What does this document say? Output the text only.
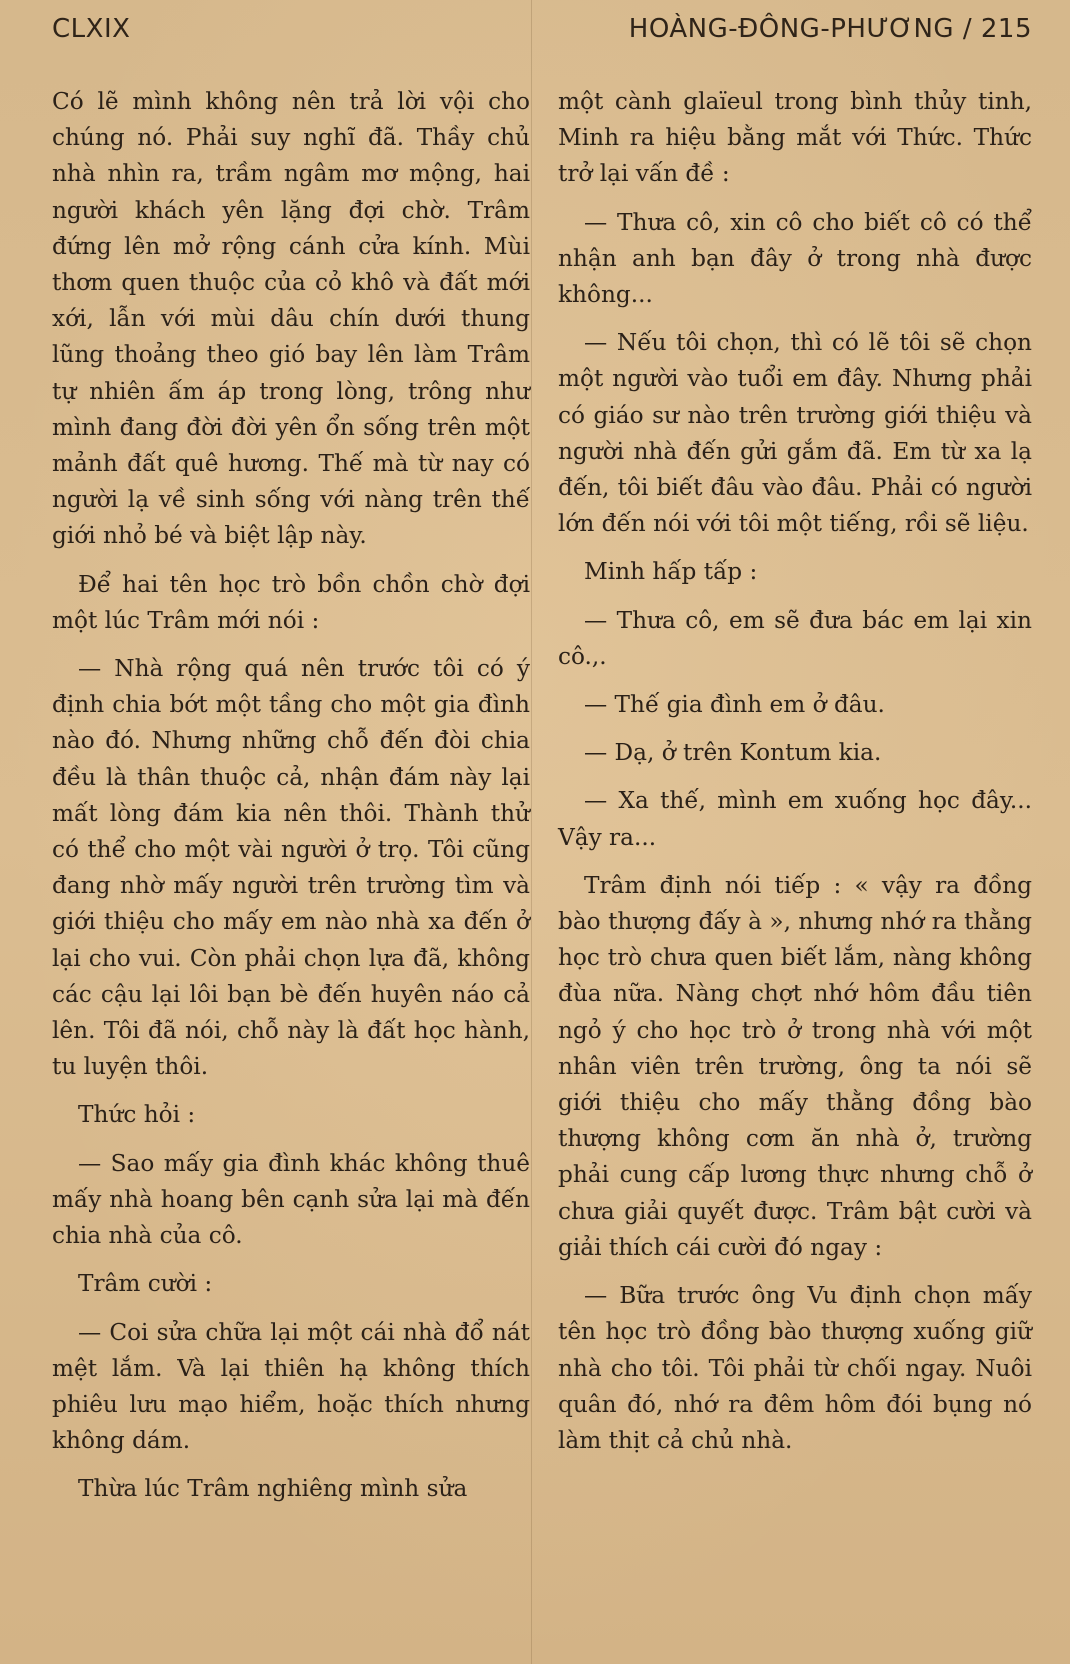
CLXIX	HOÀNG-ĐÔNG-PHƯƠNG / 215

Có lẽ mình không nên trả lời vội cho chúng nó. Phải suy nghĩ đã. Thầy chủ nhà nhìn ra, trầm ngâm mơ mộng, hai người khách yên lặng đợi chờ. Trâm đứng lên mở rộng cánh cửa kính. Mùi thơm quen thuộc của cỏ khô và đất mới xới, lẫn với mùi dâu chín dưới thung lũng thoảng theo gió bay lên làm Trâm tự nhiên ấm áp trong lòng, trông như mình đang đời đời yên ổn sống trên một mảnh đất quê hương. Thế mà từ nay có người lạ về sinh sống với nàng trên thế giới nhỏ bé và biệt lập này.

Để hai tên học trò bồn chồn chờ đợi một lúc Trâm mới nói :

— Nhà rộng quá nên trước tôi có ý định chia bớt một tầng cho một gia đình nào đó. Nhưng những chỗ đến đòi chia đều là thân thuộc cả, nhận đám này lại mất lòng đám kia nên thôi. Thành thử có thể cho một vài người ở trọ. Tôi cũng đang nhờ mấy người trên trường tìm và giới thiệu cho mấy em nào nhà xa đến ở lại cho vui. Còn phải chọn lựa đã, không các cậu lại lôi bạn bè đến huyên náo cả lên. Tôi đã nói, chỗ này là đất học hành, tu luyện thôi.

Thức hỏi :

— Sao mấy gia đình khác không thuê mấy nhà hoang bên cạnh sửa lại mà đến chia nhà của cô.

Trâm cười :

— Coi sửa chữa lại một cái nhà đổ nát mệt lắm. Và lại thiên hạ không thích phiêu lưu mạo hiểm, hoặc thích nhưng không dám.

Thừa lúc Trâm nghiêng mình sửa

một cành glaïeul trong bình thủy tinh, Minh ra hiệu bằng mắt với Thức. Thức trở lại vấn đề :

— Thưa cô, xin cô cho biết cô có thể nhận anh bạn đây ở trong nhà được không...

— Nếu tôi chọn, thì có lẽ tôi sẽ chọn một người vào tuổi em đây. Nhưng phải có giáo sư nào trên trường giới thiệu và người nhà đến gửi gắm đã. Em từ xa lạ đến, tôi biết đâu vào đâu. Phải có người lớn đến nói với tôi một tiếng, rồi sẽ liệu.

Minh hấp tấp :

— Thưa cô, em sẽ đưa bác em lại xin cô.,.

— Thế gia đình em ở đâu.

— Dạ, ở trên Kontum kia.

— Xa thế, mình em xuống học đây... Vậy ra...

Trâm định nói tiếp : « vậy ra đồng bào thượng đấy à », nhưng nhớ ra thằng học trò chưa quen biết lắm, nàng không đùa nữa. Nàng chợt nhớ hôm đầu tiên ngỏ ý cho học trò ở trong nhà với một nhân viên trên trường, ông ta nói sẽ giới thiệu cho mấy thằng đồng bào thượng không cơm ăn nhà ở, trường phải cung cấp lương thực nhưng chỗ ở chưa giải quyết được. Trâm bật cười và giải thích cái cười đó ngay :

— Bữa trước ông Vu định chọn mấy tên học trò đồng bào thượng xuống giữ nhà cho tôi. Tôi phải từ chối ngay. Nuôi quân đó, nhớ ra đêm hôm đói bụng nó làm thịt cả chủ nhà.
